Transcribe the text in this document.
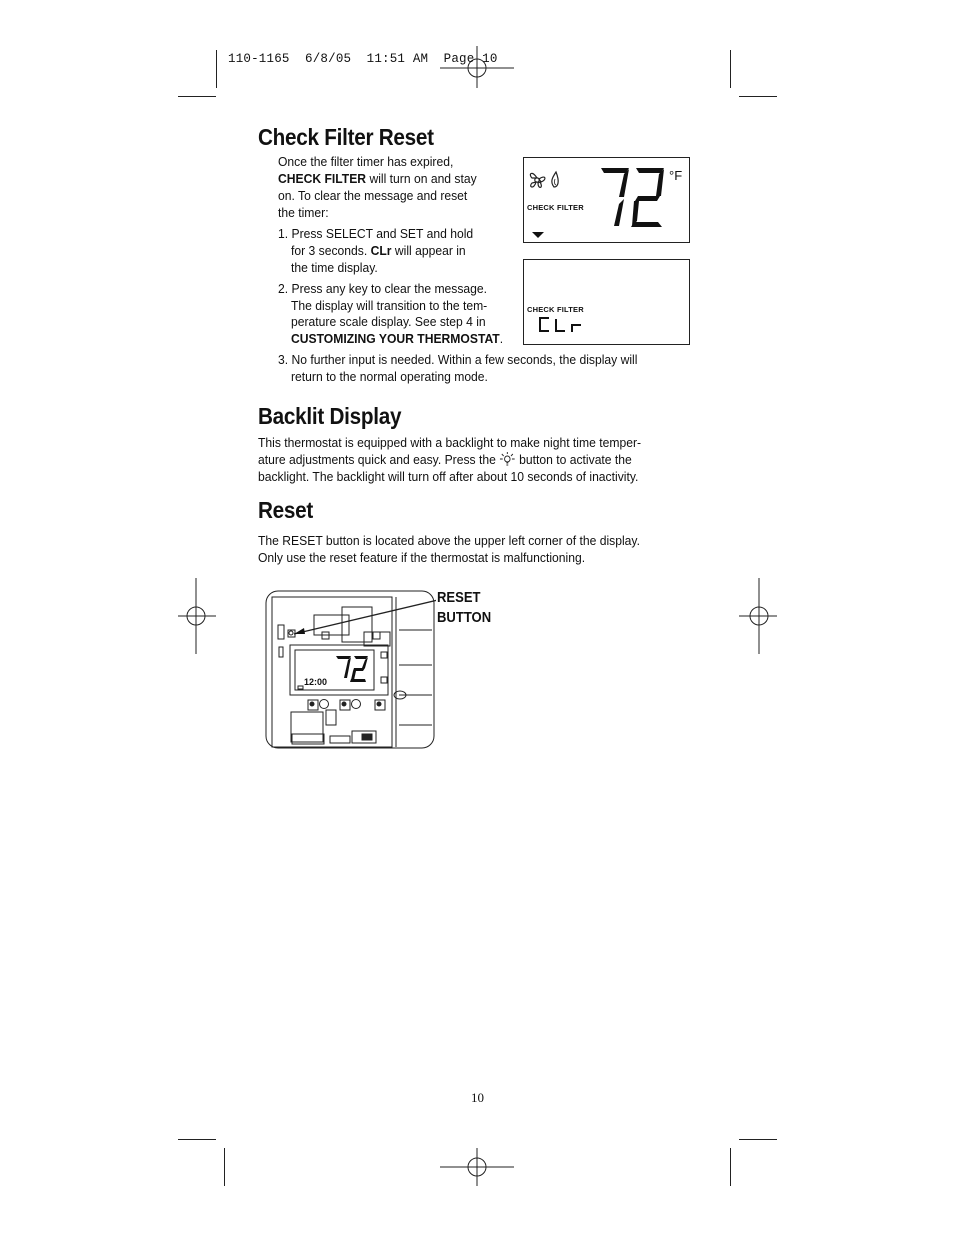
110-1165  6/8/05  11:51 AM  Page 10
Check Filter Reset
Once the filter timer has expired,
CHECK FILTER will turn on and stay
on. To clear the message and reset
the timer:
1. Press SELECT and SET and hold
for 3 seconds. CLr will appear in
the time display.
2. Press any key to clear the message.
The display will transition to the tem-
perature scale display. See step 4 in
CUSTOMIZING YOUR THERMOSTAT.
3. No further input is needed. Within a few seconds, the display will
return to the normal operating mode.
CHECK FILTER
°F
CHECK FILTER
Backlit Display
This thermostat is equipped with a backlight to make night time temper-
ature adjustments quick and easy. Press the button to activate the
backlight. The backlight will turn off after about 10 seconds of inactivity.
Reset
The RESET button is located above the upper left corner of the display.
Only use the reset feature if the thermostat is malfunctioning.
12:00
RESET
BUTTON
10
